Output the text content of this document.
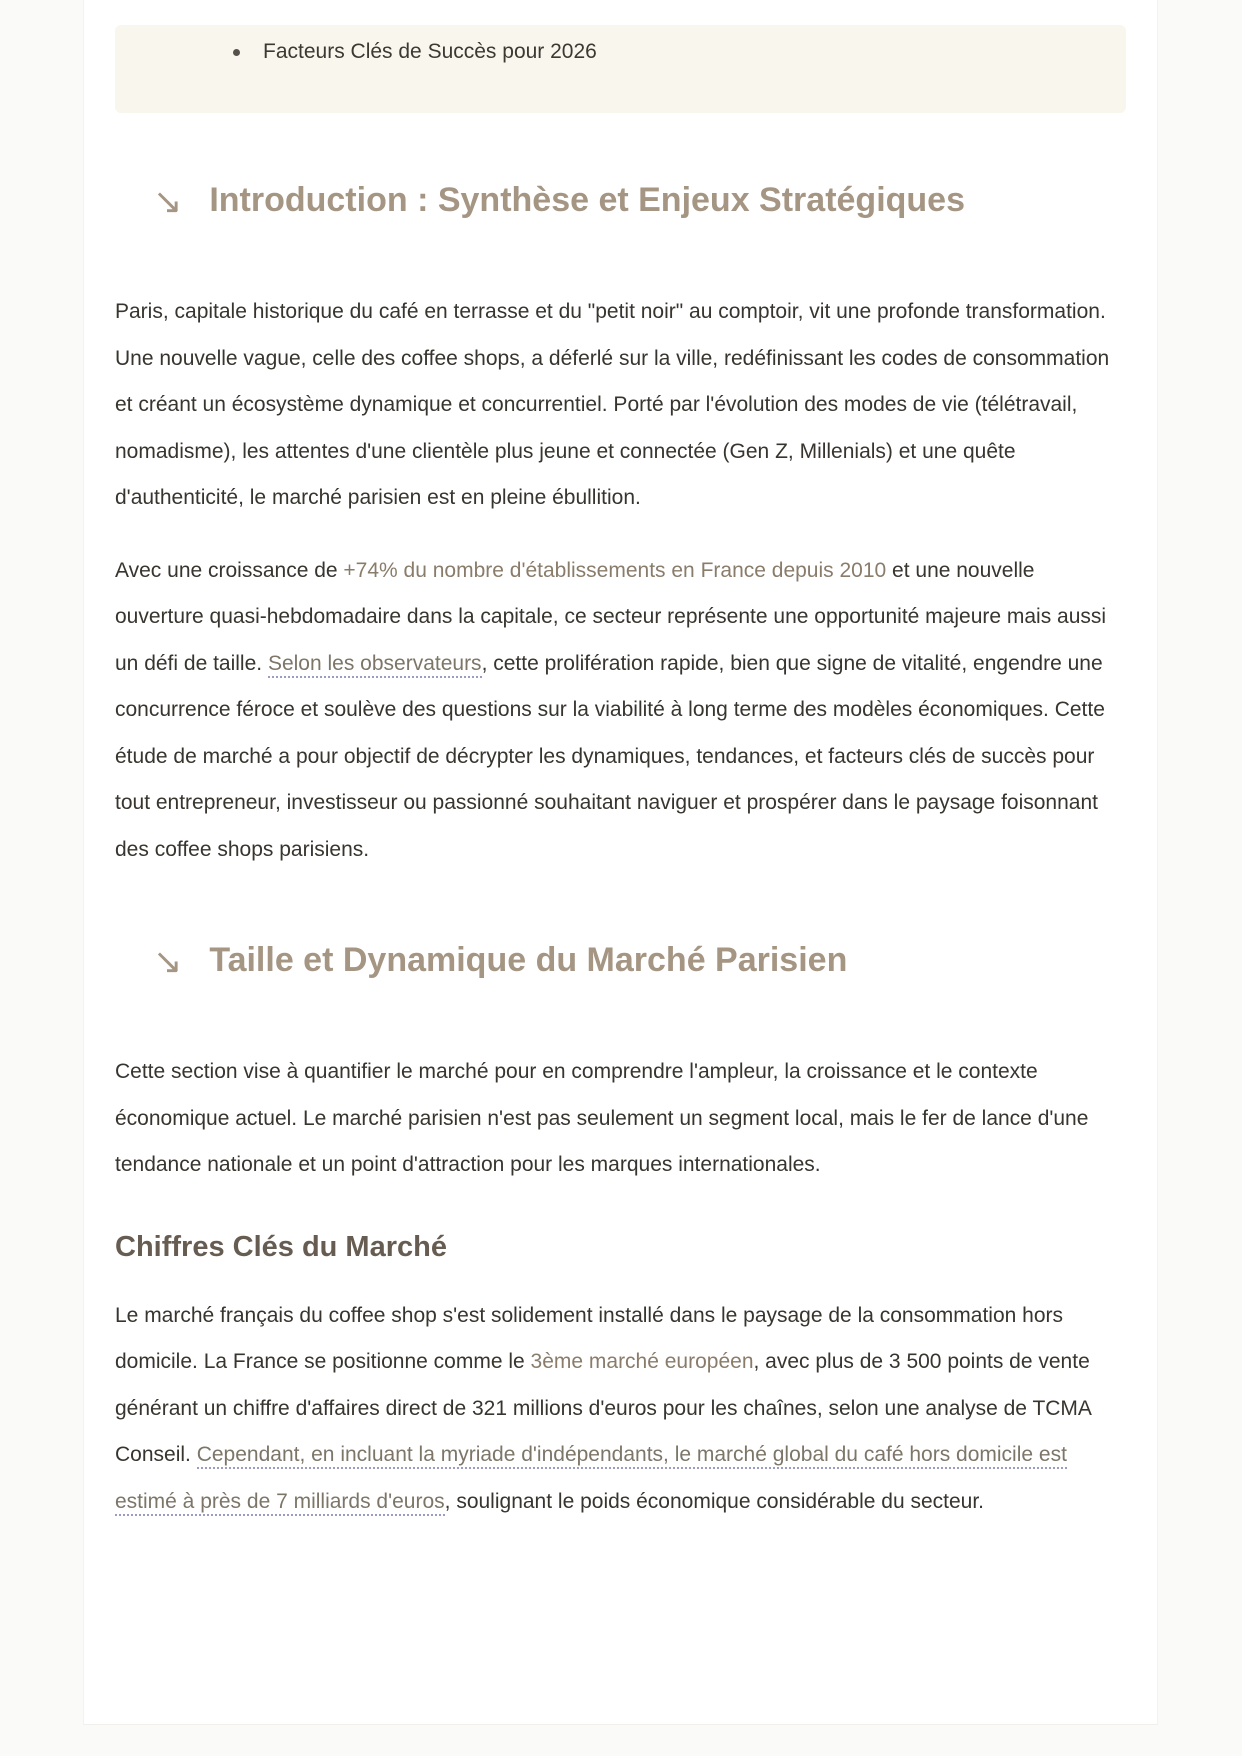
Facteurs Clés de Succès pour 2026
↘ Introduction : Synthèse et Enjeux Stratégiques

Paris, capitale historique du café en terrasse et du "petit noir" au comptoir, vit une profonde transformation. Une nouvelle vague, celle des coffee shops, a déferlé sur la ville, redéfinissant les codes de consommation et créant un écosystème dynamique et concurrentiel. Porté par l'évolution des modes de vie (télétravail, nomadisme), les attentes d'une clientèle plus jeune et connectée (Gen Z, Millenials) et une quête d'authenticité, le marché parisien est en pleine ébullition.

Avec une croissance de +74% du nombre d'établissements en France depuis 2010 et une nouvelle ouverture quasi-hebdomadaire dans la capitale, ce secteur représente une opportunité majeure mais aussi un défi de taille. Selon les observateurs, cette prolifération rapide, bien que signe de vitalité, engendre une concurrence féroce et soulève des questions sur la viabilité à long terme des modèles économiques. Cette étude de marché a pour objectif de décrypter les dynamiques, tendances, et facteurs clés de succès pour tout entrepreneur, investisseur ou passionné souhaitant naviguer et prospérer dans le paysage foisonnant des coffee shops parisiens.

↘ Taille et Dynamique du Marché Parisien

Cette section vise à quantifier le marché pour en comprendre l'ampleur, la croissance et le contexte économique actuel. Le marché parisien n'est pas seulement un segment local, mais le fer de lance d'une tendance nationale et un point d'attraction pour les marques internationales.

Chiffres Clés du Marché

Le marché français du coffee shop s'est solidement installé dans le paysage de la consommation hors domicile. La France se positionne comme le 3ème marché européen, avec plus de 3 500 points de vente générant un chiffre d'affaires direct de 321 millions d'euros pour les chaînes, selon une analyse de TCMA Conseil. Cependant, en incluant la myriade d'indépendants, le marché global du café hors domicile est estimé à près de 7 milliards d'euros, soulignant le poids économique considérable du secteur.
